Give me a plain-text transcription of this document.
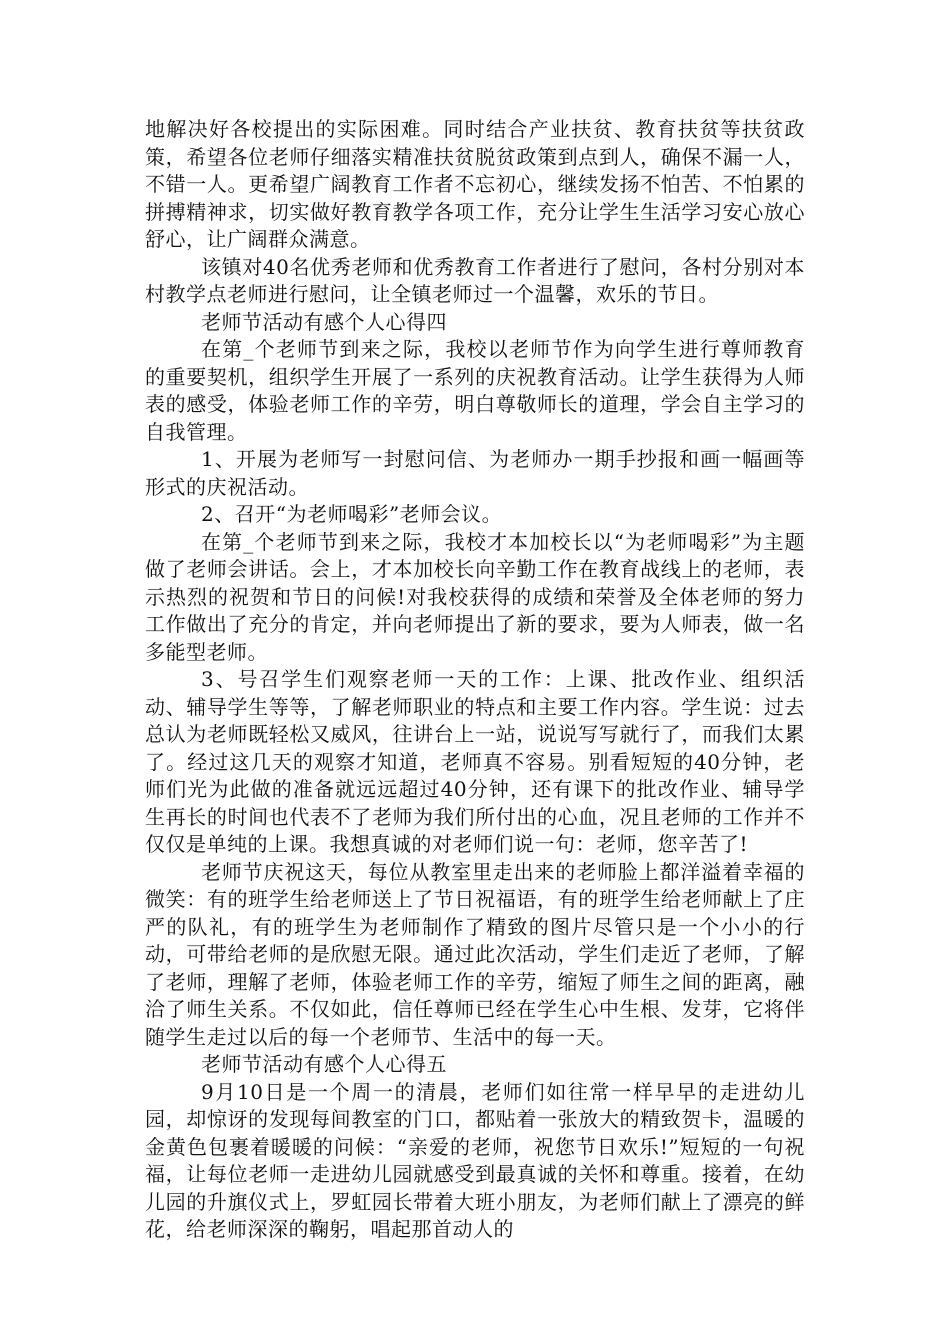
地解决好各校提出的实际困难。同时结合产业扶贫、教育扶贫等扶贫政策，希望各位老师仔细落实精准扶贫脱贫政策到点到人，确保不漏一人，不错一人。更希望广阔教育工作者不忘初心，继续发扬不怕苦、不怕累的拼搏精神求，切实做好教育教学各项工作，充分让学生生活学习安心放心舒心，让广阔群众满意。

该镇对40名优秀老师和优秀教育工作者进行了慰问，各村分别对本村教学点老师进行慰问，让全镇老师过一个温馨，欢乐的节日。

老师节活动有感个人心得四

在第_个老师节到来之际，我校以老师节作为向学生进行尊师教育的重要契机，组织学生开展了一系列的庆祝教育活动。让学生获得为人师表的感受，体验老师工作的辛劳，明白尊敬师长的道理，学会自主学习的自我管理。

1、开展为老师写一封慰问信、为老师办一期手抄报和画一幅画等形式的庆祝活动。

2、召开“为老师喝彩”老师会议。

在第_个老师节到来之际，我校才本加校长以“为老师喝彩”为主题做了老师会讲话。会上，才本加校长向辛勤工作在教育战线上的老师，表示热烈的祝贺和节日的问候!对我校获得的成绩和荣誉及全体老师的努力工作做出了充分的肯定，并向老师提出了新的要求，要为人师表，做一名多能型老师。

3、号召学生们观察老师一天的工作：上课、批改作业、组织活动、辅导学生等等，了解老师职业的特点和主要工作内容。学生说：过去总认为老师既轻松又威风，往讲台上一站，说说写写就行了，而我们太累了。经过这几天的观察才知道，老师真不容易。别看短短的40分钟，老师们光为此做的准备就远远超过40分钟，还有课下的批改作业、辅导学生再长的时间也代表不了老师为我们所付出的心血，况且老师的工作并不仅仅是单纯的上课。我想真诚的对老师们说一句：老师，您辛苦了!

老师节庆祝这天，每位从教室里走出来的老师脸上都洋溢着幸福的微笑：有的班学生给老师送上了节日祝福语，有的班学生给老师献上了庄严的队礼，有的班学生为老师制作了精致的图片尽管只是一个小小的行动，可带给老师的是欣慰无限。通过此次活动，学生们走近了老师，了解了老师，理解了老师，体验老师工作的辛劳，缩短了师生之间的距离，融洽了师生关系。不仅如此，信任尊师已经在学生心中生根、发芽，它将伴随学生走过以后的每一个老师节、生活中的每一天。

老师节活动有感个人心得五

9月10日是一个周一的清晨，老师们如往常一样早早的走进幼儿园，却惊讶的发现每间教室的门口，都贴着一张放大的精致贺卡，温暖的金黄色包裹着暖暖的问候：“亲爱的老师，祝您节日欢乐!”短短的一句祝福，让每位老师一走进幼儿园就感受到最真诚的关怀和尊重。接着，在幼儿园的升旗仪式上，罗虹园长带着大班小朋友，为老师们献上了漂亮的鲜花，给老师深深的鞠躬，唱起那首动人的
